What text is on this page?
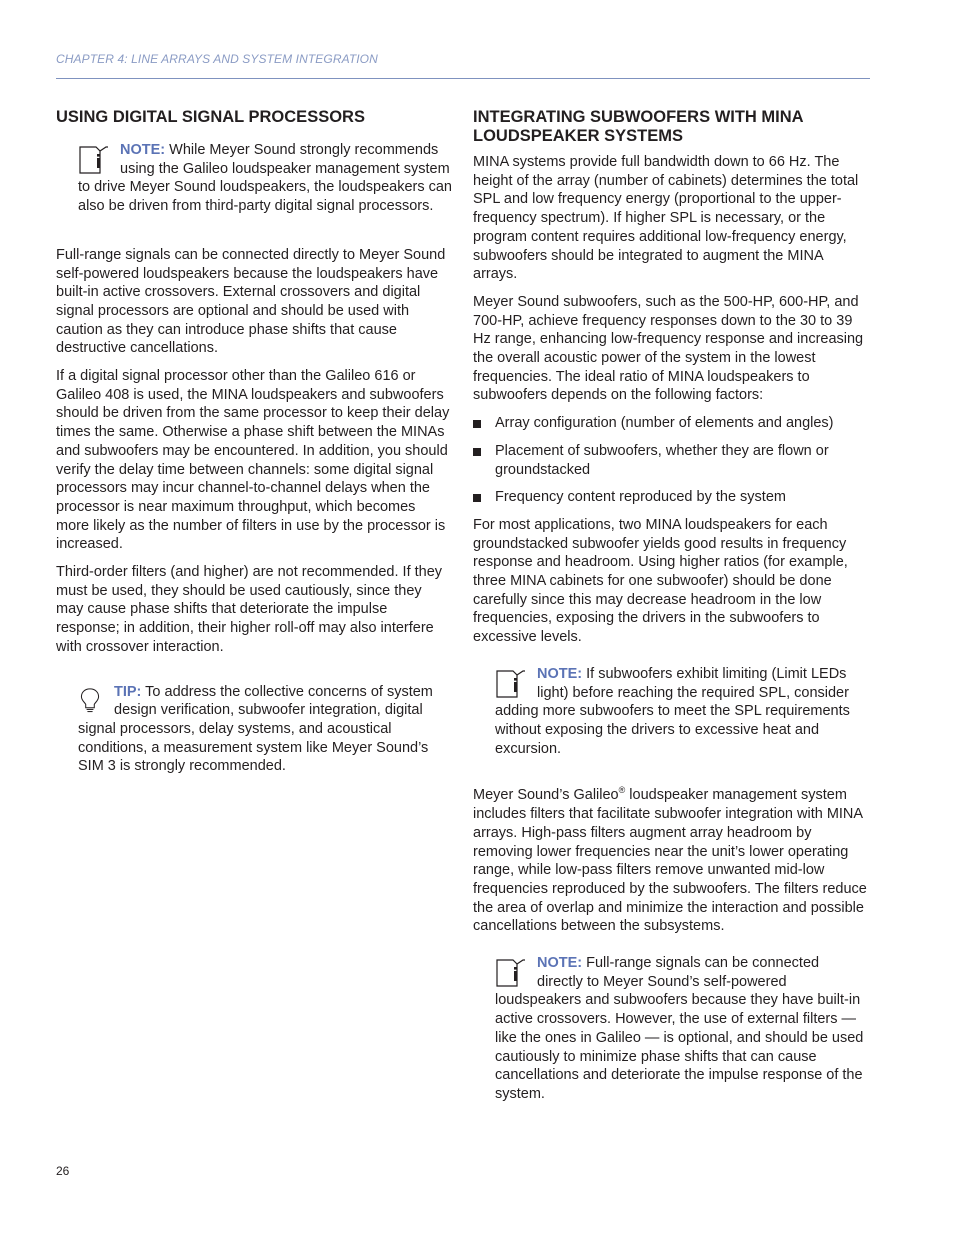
CHAPTER 4: LINE ARRAYS AND SYSTEM INTEGRATION
USING DIGITAL SIGNAL PROCESSORS
NOTE: While Meyer Sound strongly recommends using the Galileo loudspeaker management system to drive Meyer Sound loudspeakers, the loudspeakers can also be driven from third-party digital signal processors.

Full-range signals can be connected directly to Meyer Sound self-powered loudspeakers because the loudspeakers have built-in active crossovers. External crossovers and digital signal processors are optional and should be used with caution as they can introduce phase shifts that cause destructive cancellations.

If a digital signal processor other than the Galileo 616 or Galileo 408 is used, the MINA loudspeakers and subwoofers should be driven from the same processor to keep their delay times the same. Otherwise a phase shift between the MINAs and subwoofers may be encountered. In addition, you should verify the delay time between channels: some digital signal processors may incur channel-to-channel delays when the processor is near maximum throughput, which becomes more likely as the number of filters in use by the processor is increased.

Third-order filters (and higher) are not recommended. If they must be used, they should be used cautiously, since they may cause phase shifts that deteriorate the impulse response; in addition, their higher roll-off may also interfere with crossover interaction.

TIP: To address the collective concerns of system design verification, subwoofer integration, digital signal processors, delay systems, and acoustical conditions, a measurement system like Meyer Sound’s SIM 3 is strongly recommended.
INTEGRATING SUBWOOFERS WITH MINA LOUDSPEAKER SYSTEMS

MINA systems provide full bandwidth down to 66 Hz. The height of the array (number of cabinets) determines the total SPL and low frequency energy (proportional to the upper-frequency spectrum). If higher SPL is necessary, or the program content requires additional low-frequency energy, subwoofers should be integrated to augment the MINA arrays.

Meyer Sound subwoofers, such as the 500-HP, 600-HP, and 700-HP, achieve frequency responses down to the 30 to 39 Hz range, enhancing low-frequency response and increasing the overall acoustic power of the system in the lowest frequencies. The ideal ratio of MINA loudspeakers to subwoofers depends on the following factors:

Array configuration (number of elements and angles)
Placement of subwoofers, whether they are flown or groundstacked
Frequency content reproduced by the system

For most applications, two MINA loudspeakers for each groundstacked subwoofer yields good results in frequency response and headroom. Using higher ratios (for example, three MINA cabinets for one subwoofer) should be done carefully since this may decrease headroom in the low frequencies, exposing the drivers in the subwoofers to excessive levels.

NOTE: If subwoofers exhibit limiting (Limit LEDs light) before reaching the required SPL, consider adding more subwoofers to meet the SPL requirements without exposing the drivers to excessive heat and excursion.

Meyer Sound’s Galileo® loudspeaker management system includes filters that facilitate subwoofer integration with MINA arrays. High-pass filters augment array headroom by removing lower frequencies near the unit’s lower operating range, while low-pass filters remove unwanted mid-low frequencies reproduced by the subwoofers. The filters reduce the area of overlap and minimize the interaction and possible cancellations between the subsystems.

NOTE: Full-range signals can be connected directly to Meyer Sound’s self-powered loudspeakers and subwoofers because they have built-in active crossovers. However, the use of external filters — like the ones in Galileo — is optional, and should be used cautiously to minimize phase shifts that can cause cancellations and deteriorate the impulse response of the system.
26
